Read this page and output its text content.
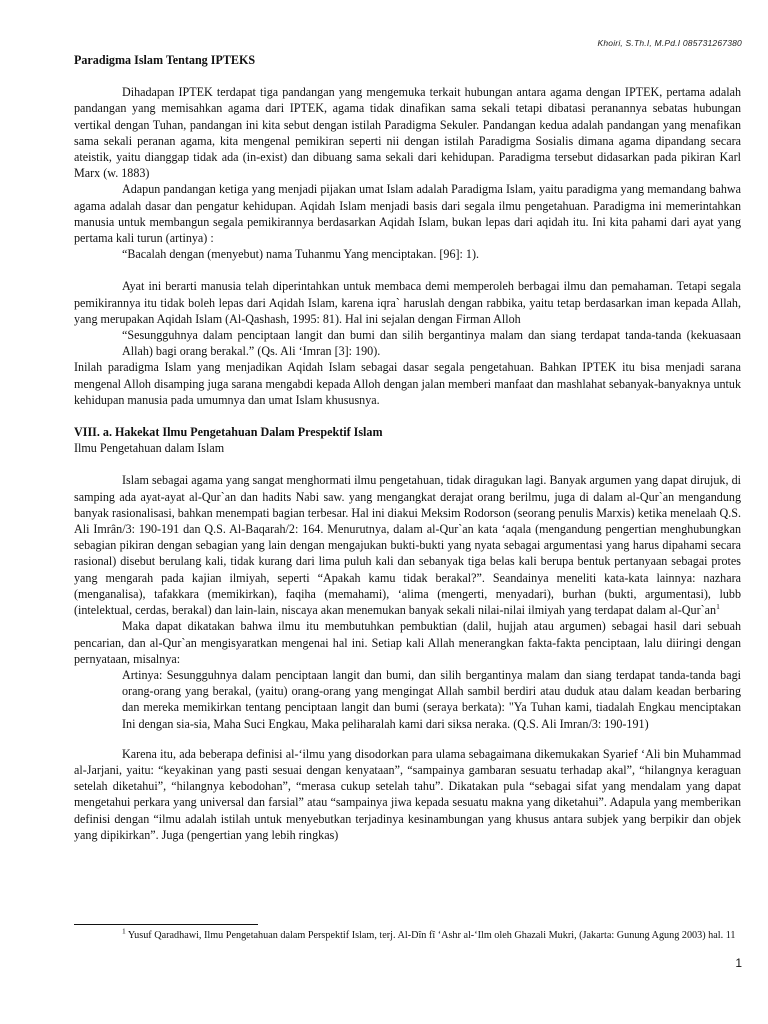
Khoiri, S.Th.I, M.Pd.I 085731267380
Paradigma Islam Tentang IPTEKS

Dihadapan IPTEK terdapat tiga pandangan yang mengemuka terkait hubungan antara agama dengan IPTEK, pertama adalah pandangan yang memisahkan agama dari IPTEK, agama tidak dinafikan sama sekali tetapi dibatasi peranannya sebatas hubungan vertikal dengan Tuhan, pandangan ini kita sebut dengan istilah Paradigma Sekuler. Pandangan kedua adalah pandangan yang menafikan sama sekali peranan agama, kita mengenal pemikiran seperti nii dengan istilah Paradigma Sosialis dimana agama dipandang secara ateistik, yaitu dianggap tidak ada (in-exist) dan dibuang sama sekali dari kehidupan. Paradigma tersebut didasarkan pada pikiran Karl Marx (w. 1883)

Adapun pandangan ketiga yang menjadi pijakan umat Islam adalah Paradigma Islam, yaitu paradigma yang memandang bahwa agama adalah dasar dan pengatur kehidupan. Aqidah Islam menjadi basis dari segala ilmu pengetahuan. Paradigma ini memerintahkan manusia untuk membangun segala pemikirannya berdasarkan Aqidah Islam, bukan lepas dari aqidah itu. Ini kita pahami dari ayat yang pertama kali turun (artinya) :

“Bacalah dengan (menyebut) nama Tuhanmu Yang menciptakan. [96]: 1).

Ayat ini berarti manusia telah diperintahkan untuk membaca demi memperoleh berbagai ilmu dan pemahaman. Tetapi segala pemikirannya itu tidak boleh lepas dari Aqidah Islam, karena iqra` haruslah dengan rabbika, yaitu tetap berdasarkan iman kepada Allah, yang merupakan Aqidah Islam (Al-Qashash, 1995: 81). Hal ini sejalan dengan Firman Alloh

“Sesungguhnya dalam penciptaan langit dan bumi dan silih bergantinya malam dan siang terdapat tanda-tanda (kekuasaan Allah) bagi orang berakal.” (Qs. Ali ‘Imran [3]: 190).

Inilah paradigma Islam yang menjadikan Aqidah Islam sebagai dasar segala pengetahuan. Bahkan IPTEK itu bisa menjadi sarana mengenal Alloh disamping juga sarana mengabdi kepada Alloh dengan jalan memberi manfaat dan mashlahat sebanyak-banyaknya untuk kehidupan manusia pada umumnya dan umat Islam khususnya.

VIII. a. Hakekat Ilmu Pengetahuan Dalam Prespektif Islam

Ilmu Pengetahuan dalam Islam

Islam sebagai agama yang sangat menghormati ilmu pengetahuan, tidak diragukan lagi. Banyak argumen yang dapat dirujuk, di samping ada ayat-ayat al-Qur`an dan hadits Nabi saw. yang mengangkat derajat orang berilmu, juga di dalam al-Qur`an mengandung banyak rasionalisasi, bahkan menempati bagian terbesar. Hal ini diakui Meksim Rodorson (seorang penulis Marxis) ketika menelaah Q.S. Ali Imrân/3: 190-191 dan Q.S. Al-Baqarah/2: 164. Menurutnya, dalam al-Qur`an kata ‘aqala (mengandung pengertian menghubungkan sebagian pikiran dengan sebagian yang lain dengan mengajukan bukti-bukti yang nyata sebagai argumentasi yang harus dipahami secara rasional) disebut berulang kali, tidak kurang dari lima puluh kali dan sebanyak tiga belas kali berupa bentuk pertanyaan sebagai protes yang mengarah pada kajian ilmiyah, seperti “Apakah kamu tidak berakal?”. Seandainya meneliti kata-kata lainnya: nazhara (menganalisa), tafakkara (memikirkan), faqiha (memahami), ‘alima (mengerti, menyadari), burhan (bukti, argumentasi), lubb (intelektual, cerdas, berakal) dan lain-lain, niscaya akan menemukan banyak sekali nilai-nilai ilmiyah yang terdapat dalam $al-Qur`an^1$

Maka dapat dikatakan bahwa ilmu itu membutuhkan pembuktian (dalil, hujjah atau argumen) sebagai hasil dari sebuah pencarian, dan al-Qur`an mengisyaratkan mengenai hal ini. Setiap kali Allah menerangkan fakta-fakta penciptaan, lalu diiringi dengan pernyataan, misalnya:

Artinya: Sesungguhnya dalam penciptaan langit dan bumi, dan silih bergantinya malam dan siang terdapat tanda-tanda bagi orang-orang yang berakal, (yaitu) orang-orang yang mengingat Allah sambil berdiri atau duduk atau dalam keadan berbaring dan mereka memikirkan tentang penciptaan langit dan bumi (seraya berkata): "Ya Tuhan kami, tiadalah Engkau menciptakan Ini dengan sia-sia, Maha Suci Engkau, Maka peliharalah kami dari siksa neraka. (Q.S. Ali Imran/3: 190-191)

Karena itu, ada beberapa definisi al-‘ilmu yang disodorkan para ulama sebagaimana dikemukakan Syarief ‘Ali bin Muhammad al-Jarjani, yaitu: “keyakinan yang pasti sesuai dengan kenyataan”, “sampainya gambaran sesuatu terhadap akal”, “hilangnya keraguan setelah diketahui”, “hilangnya kebodohan”, “merasa cukup setelah tahu”. Dikatakan pula “sebagai sifat yang mendalam yang dapat mengetahui perkara yang universal dan farsial” atau “sampainya jiwa kepada sesuatu makna yang diketahui”. Adapula yang memberikan definisi dengan “ilmu adalah istilah untuk menyebutkan terjadinya kesinambungan yang khusus antara subjek yang berpikir dan objek yang dipikirkan”. Juga (pengertian yang lebih ringkas)

$^1$ Yusuf Qaradhawi, Ilmu Pengetahuan dalam Perspektif Islam, terj. Al-Dîn fî ‘Ashr al-‘Ilm oleh Ghazali Mukri, (Jakarta: Gunung Agung 2003) hal. 11
1
